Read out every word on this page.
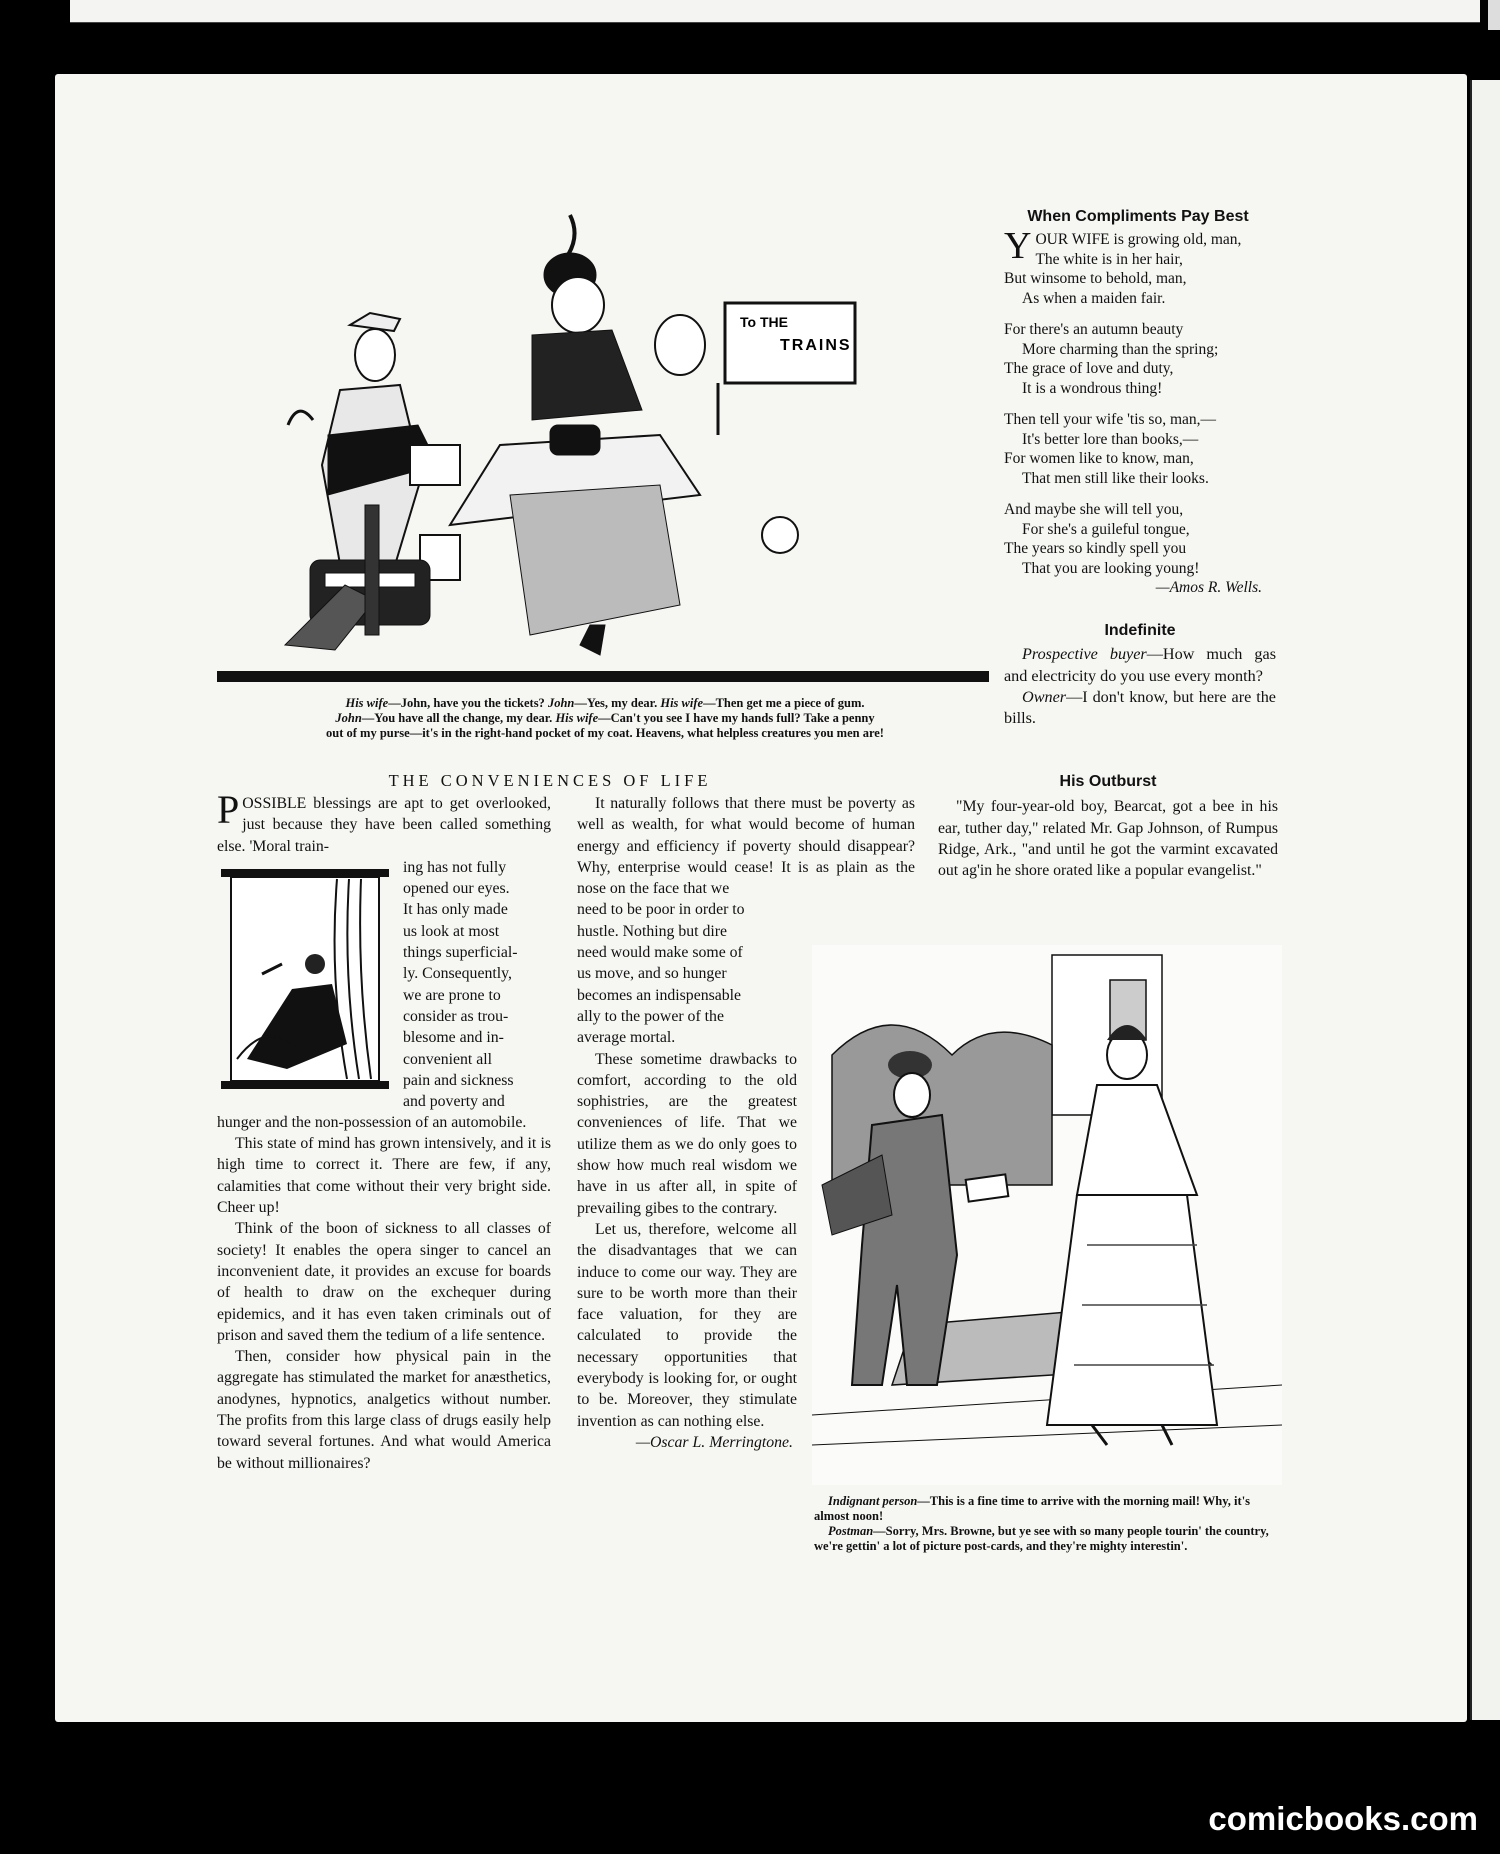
To THE
TRAINS
His wife—John, have you the tickets? John—Yes, my dear. His wife—Then get me a piece of gum.
John—You have all the change, my dear. His wife—Can't you see I have my hands full? Take a penny
out of my purse—it's in the right-hand pocket of my coat. Heavens, what helpless creatures you men are!
When Compliments Pay Best
Y OUR WIFE is growing old, man,
The white is in her hair,
But winsome to behold, man,
As when a maiden fair.
For there's an autumn beauty
More charming than the spring;
The grace of love and duty,
It is a wondrous thing!
Then tell your wife 'tis so, man,—
It's better lore than books,—
For women like to know, man,
That men still like their looks.
And maybe she will tell you,
For she's a guileful tongue,
The years so kindly spell you
That you are looking young!
—Amos R. Wells.
Indefinite

Prospective buyer—How much gas and electricity do you use every month?

Owner—I don't know, but here are the bills.

THE CONVENIENCES OF LIFE

POSSIBLE blessings are apt to get overlooked, just because they have been called something else. 'Moral train-

ing has not fully
opened our eyes.
It has only made
us look at most
things superficial-
ly. Consequently,
we are prone to
consider as trou-
blesome and in-
convenient all
pain and sickness
and poverty and

hunger and the non-possession of an automobile.

This state of mind has grown intensively, and it is high time to correct it. There are few, if any, calamities that come without their very bright side. Cheer up!

Think of the boon of sickness to all classes of society! It enables the opera singer to cancel an inconvenient date, it provides an excuse for boards of health to draw on the exchequer during epidemics, and it has even taken criminals out of prison and saved them the tedium of a life sentence.

Then, consider how physical pain in the aggregate has stimulated the market for anæsthetics, anodynes, hypnotics, analgetics without number. The profits from this large class of drugs easily help toward several fortunes. And what would America be without millionaires?

It naturally follows that there must be poverty as well as wealth, for what would become of human energy and efficiency if poverty should disappear? Why, enterprise would cease! It is as plain as the nose on the face that we

need to be poor in order to
hustle. Nothing but dire
need would make some of
us move, and so hunger
becomes an indispensable
ally to the power of the
average mortal.

These sometime drawbacks to comfort, according to the old sophistries, are the greatest conveniences of life. That we utilize them as we do only goes to show how much real wisdom we have in us after all, in spite of prevailing gibes to the contrary.

Let us, therefore, welcome all the disadvantages that we can induce to come our way. They are sure to be worth more than their face valuation, for they are calculated to provide the necessary opportunities that everybody is looking for, or ought to be. Moreover, they stimulate invention as can nothing else.

—Oscar L. Merringtone.
His Outburst

"My four-year-old boy, Bearcat, got a bee in his ear, tuther day," related Mr. Gap Johnson, of Rumpus Ridge, Ark., "and until he got the varmint excavated out ag'in he shore orated like a popular evangelist."

Indignant person—This is a fine time to arrive with the morning mail! Why, it's almost noon!
Postman—Sorry, Mrs. Browne, but ye see with so many people tourin' the country, we're gettin' a lot of picture post-cards, and they're mighty interestin'.
comicbooks.com
